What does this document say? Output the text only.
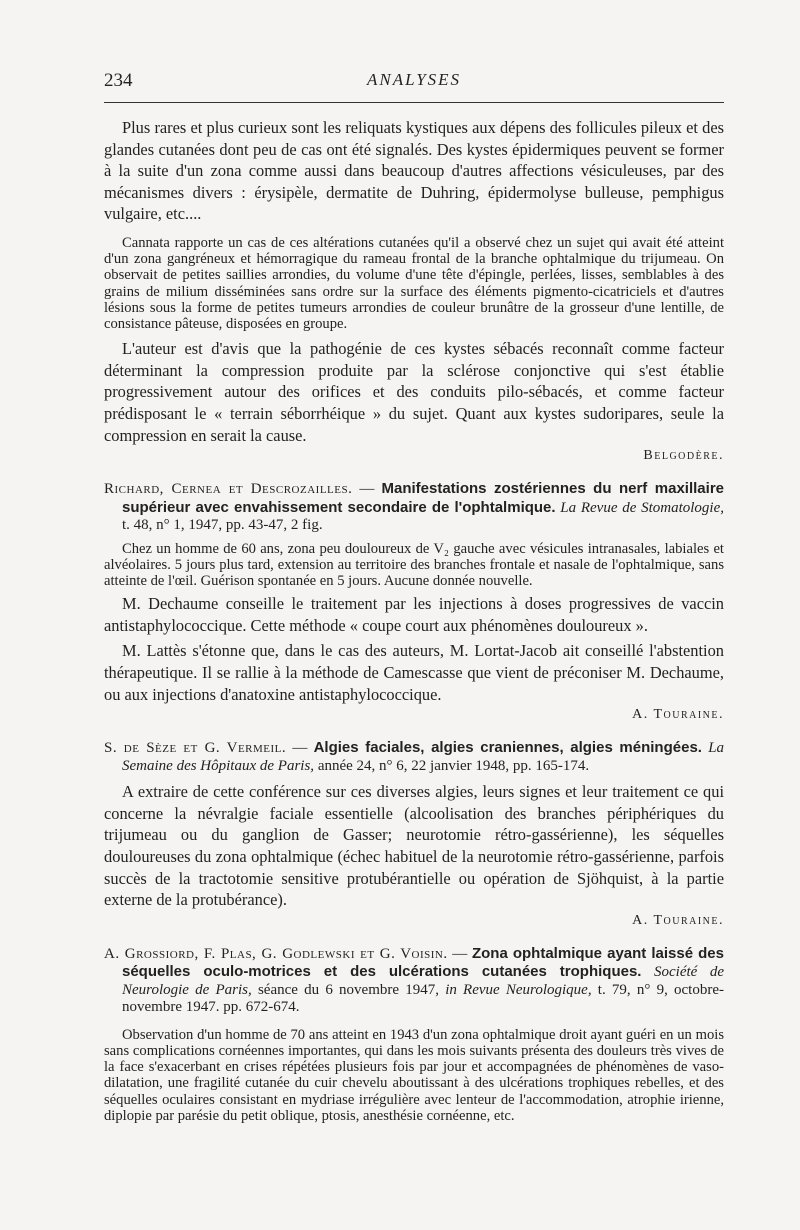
234	ANALYSES

Plus rares et plus curieux sont les reliquats kystiques aux dépens des follicules pileux et des glandes cutanées dont peu de cas ont été signalés. Des kystes épidermiques peuvent se former à la suite d'un zona comme aussi dans beaucoup d'autres affections vésiculeuses, par des mécanismes divers : érysipèle, dermatite de Duhring, épidermolyse bulleuse, pemphigus vulgaire, etc....

Cannata rapporte un cas de ces altérations cutanées qu'il a observé chez un sujet qui avait été atteint d'un zona gangréneux et hémorragique du rameau frontal de la branche ophtalmique du trijumeau. On observait de petites saillies arrondies, du volume d'une tête d'épingle, perlées, lisses, semblables à des grains de milium disséminées sans ordre sur la surface des éléments pigmento-cicatriciels et d'autres lésions sous la forme de petites tumeurs arrondies de couleur brunâtre de la grosseur d'une lentille, de consistance pâteuse, disposées en groupe.

L'auteur est d'avis que la pathogénie de ces kystes sébacés reconnaît comme facteur déterminant la compression produite par la sclérose conjonctive qui s'est établie progressivement autour des orifices et des conduits pilo-sébacés, et comme facteur prédisposant le « terrain séborrhéique » du sujet. Quant aux kystes sudoripares, seule la compression en serait la cause.

Belgodère.

Richard, Cernea et Descrozailles. — Manifestations zostériennes du nerf maxillaire supérieur avec envahissement secondaire de l'ophtalmique. La Revue de Stomatologie, t. 48, n° 1, 1947, pp. 43-47, 2 fig.

Chez un homme de 60 ans, zona peu douloureux de V₂ gauche avec vésicules intranasales, labiales et alvéolaires. 5 jours plus tard, extension au territoire des branches frontale et nasale de l'ophtalmique, sans atteinte de l'œil. Guérison spontanée en 5 jours. Aucune donnée nouvelle.

M. Dechaume conseille le traitement par les injections à doses progressives de vaccin antistaphylococcique. Cette méthode « coupe court aux phénomènes douloureux ».

M. Lattès s'étonne que, dans le cas des auteurs, M. Lortat-Jacob ait conseillé l'abstention thérapeutique. Il se rallie à la méthode de Camescasse que vient de préconiser M. Dechaume, ou aux injections d'anatoxine antistaphylococcique.

A. Touraine.

S. de Sèze et G. Vermeil. — Algies faciales, algies craniennes, algies méningées. La Semaine des Hôpitaux de Paris, année 24, n° 6, 22 janvier 1948, pp. 165-174.

A extraire de cette conférence sur ces diverses algies, leurs signes et leur traitement ce qui concerne la névralgie faciale essentielle (alcoolisation des branches périphériques du trijumeau ou du ganglion de Gasser; neurotomie rétro-gassérienne), les séquelles douloureuses du zona ophtalmique (échec habituel de la neurotomie rétro-gassérienne, parfois succès de la tractotomie sensitive protubérantielle ou opération de Sjöhquist, à la partie externe de la protubérance).

A. Touraine.

A. Grossiord, F. Plas, G. Godlewski et G. Voisin. — Zona ophtalmique ayant laissé des séquelles oculo-motrices et des ulcérations cutanées trophiques. Société de Neurologie de Paris, séance du 6 novembre 1947, in Revue Neurologique, t. 79, n° 9, octobre-novembre 1947. pp. 672-674.

Observation d'un homme de 70 ans atteint en 1943 d'un zona ophtalmique droit ayant guéri en un mois sans complications cornéennes importantes, qui dans les mois suivants présenta des douleurs très vives de la face s'exacerbant en crises répétées plusieurs fois par jour et accompagnées de phénomènes de vaso-dilatation, une fragilité cutanée du cuir chevelu aboutissant à des ulcérations trophiques rebelles, et des séquelles oculaires consistant en mydriase irrégulière avec lenteur de l'accommodation, atrophie irienne, diplopie par parésie du petit oblique, ptosis, anesthésie cornéenne, etc.
